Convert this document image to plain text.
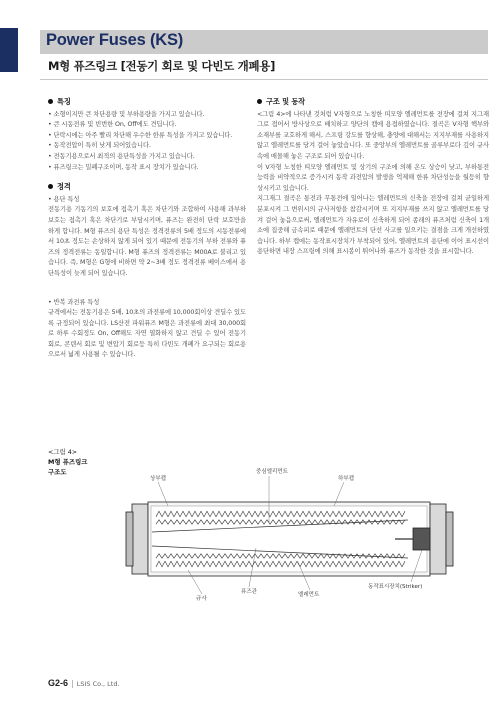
Power Fuses (KS)
M형 퓨즈링크 [전동기 회로 및 다빈도 개폐용]
특징
• 소형이지만 큰 차단용량 및 부하용량을 가지고 있습니다.
• 큰 시동전류 및 빈번한 On, Off에도 견딥니다.
• 단락시에는 아주 빨리 차단해 우수한 한류 특성을 가지고 있습니다.
• 동작전압이 특히 낮게 되어있습니다.
• 전동기용으로서 최적의 용단특성을 가지고 있습니다.
• 퓨즈링크는 밀폐구조이며, 동작 표시 장치가 있습니다.
정격

• 용단 특성

전동기용 기동기의 보호에 접촉기 혹은 차단기와 조합하여 사용해 과부하보호는 접촉기 혹은 차단기로 부담시키며, 퓨즈는 완전히 단락 보호만을 하게 합니다. M형 퓨즈의 용단 특성은 정격전류의 5배 정도의 시동전류에서 10초 정도는 손상하지 않게 되어 있기 때문에 전동기의 부하 전류와 퓨즈의 정격전류는 동일합니다. M형 퓨즈의 정격전류는 M00A로 불리고 있습니다. 즉, M형은 G형에 비하면 약 2~3배 정도 정격전류 베이스에서 용단특성이 늦게 되어 있습니다.

• 반복 과전류 특성

규격에서는 전동기용은 5배, 10초의 과전류에 10,000회이상 견딜수 있도록 규정되어 있습니다. LS산전 파워퓨즈 M형은 과전류에 최대 30,000회로 하루 수회정도 On, Off해도 자연 열화하지 않고 견딜 수 있어 전동기 회로, 콘덴서 회로 및 변압기 회로등 특히 다빈도 개폐가 요구되는 회로용으로서 넓게 사용될 수 있습니다.

구조 및 동작

<그림 4>에 나타낸 것처럼 V자형으로 노칭한 띠모양 엘레먼트를 전장에 걸쳐 지그재그로 접어서 방사상으로 배치하고 양단의 캡에 용접하였습니다. 절곡은 V자형 핵부와 소재부를 교호하게 해서, 스프링 강도를 향상해, 충양에 대해서는 지지부재를 사용하지 않고 엘레먼트를 당겨 걸어 놓았습니다. 또 중앙부의 엘레먼트를 골루부로다 깊이 규사속에 매몰해 놓은 구조로 되어 있습니다.

이 V자형 노칭한 띠모양 엘레먼트 및 상기의 구조에 의해 온도 상승이 낮고, 부하통전능력을 비약적으로 증가시켜 동작 과전압의 발생을 억제해 한류 차단성능을 월등히 향상시키고 있습니다.

지그재그 절곡은 통전과 무통전에 일어나는 엘레먼트의 신축을 전장에 걸쳐 균일하게 분포시켜 그 변위시의 규사저항을 참감시키며 또 지지부재를 쓰지 않고 엘레먼트를 당겨 걸어 놓음으로써, 엘레먼트가 자유로이 신축하게 되어 종래의 퓨즈처럼 신축이 1개소에 집중해 금속피로 때문에 엘레먼트의 단선 사고를 일으키는 결점을 크게 개선하였습니다. 하부 캡에는 동작표시장치가 부착되어 있어, 엘레먼트의 용단에 이어 표시선이 용단하면 내장 스프링에 의해 표시봉이 튀어나와 퓨즈가 동작한 것을 표시합니다.

<그림 4>
M형 퓨즈링크
구조도
상부캡
중심엘리먼트
하부캡
규사
퓨즈관	엘레먼트
동작표시장치(Striker)
G2-6 | LSIS Co., Ltd.
